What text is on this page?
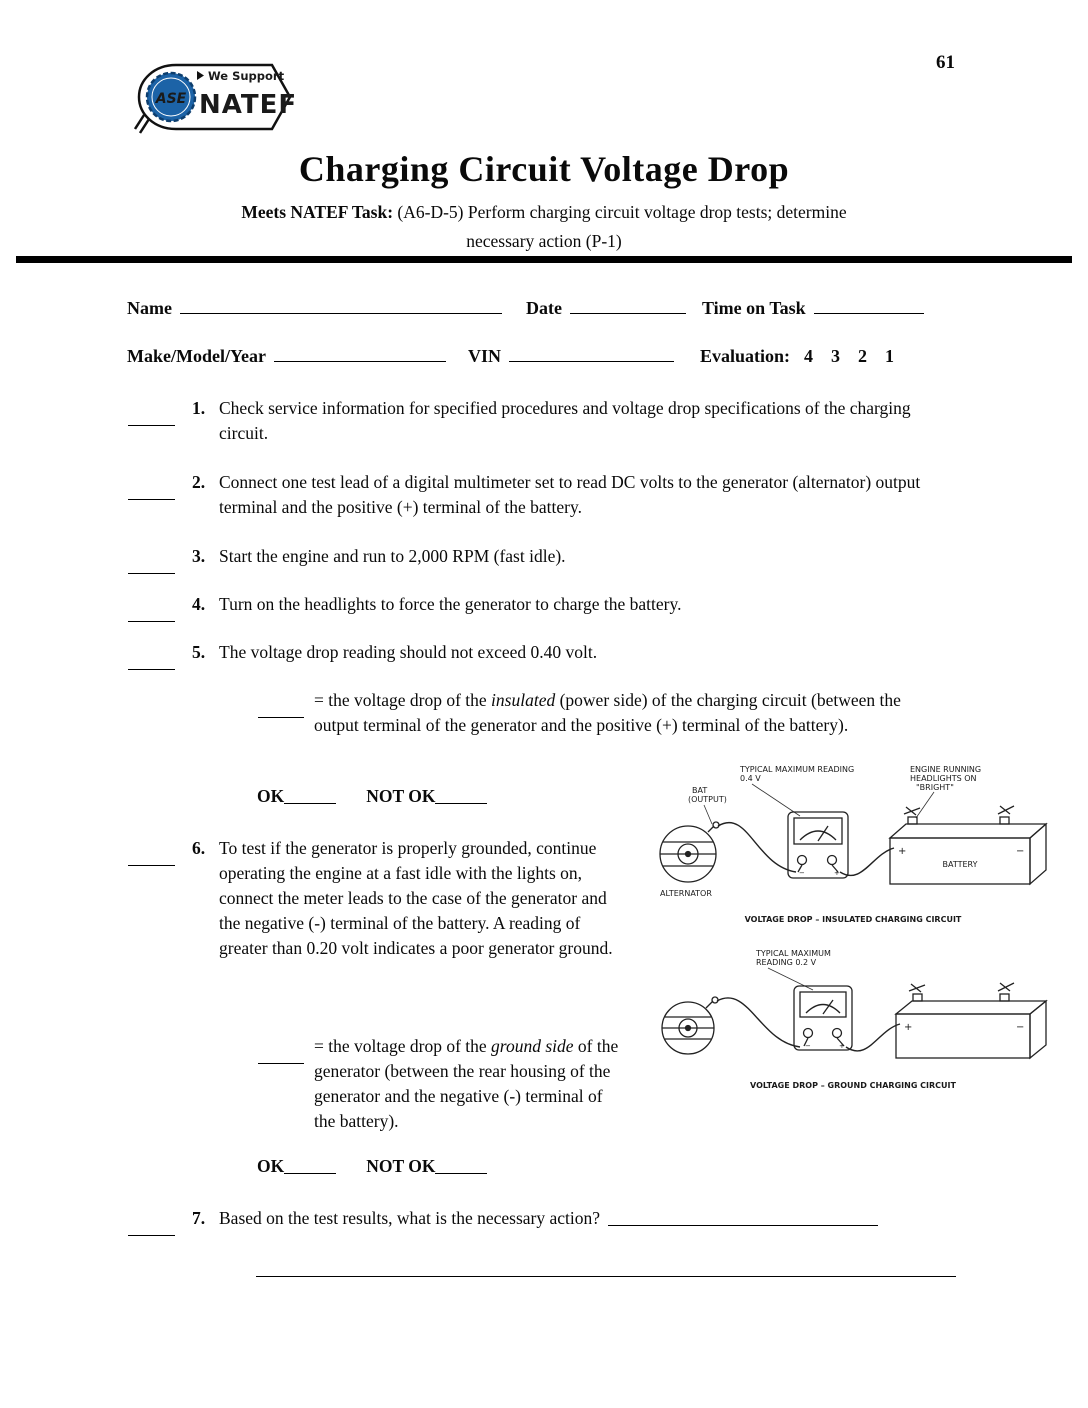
61
ASE
We Support
NATEF
Charging Circuit Voltage Drop
Meets NATEF Task: (A6-D-5) Perform charging circuit voltage drop tests; determine
necessary action (P-1)
Name	Date	Time on Task
Make/Model/Year	VIN	Evaluation: 4    3    2    1
1. Check service information for specified procedures and voltage drop specifications of the charging circuit.
2. Connect one test lead of a digital multimeter set to read DC volts to the generator (alternator) output terminal and the positive (+) terminal of the battery.
3. Start the engine and run to 2,000 RPM (fast idle).
4. Turn on the headlights to force the generator to charge the battery.
5. The voltage drop reading should not exceed 0.40 volt.
= the voltage drop of the insulated (power side) of the charging circuit (between the output terminal of the generator and the positive (+) terminal of the battery).
OK	NOT OK
6. To test if the generator is properly grounded, continue operating the engine at a fast idle with the lights on, connect the meter leads to the case of the generator and the negative (-) terminal of the battery. A reading of greater than 0.20 volt indicates a poor generator ground.
= the voltage drop of the ground side of the generator (between the rear housing of the generator and the negative (-) terminal of the battery).
OK	NOT OK
7. Based on the test results, what is the necessary action?
TYPICAL MAXIMUM READING
0.4 V
BAT
(OUTPUT)
ENGINE RUNNING
HEADLIGHTS ON
"BRIGHT"
ALTERNATOR
−	+
+	−
BATTERY
VOLTAGE DROP – INSULATED CHARGING CIRCUIT
TYPICAL MAXIMUM
READING 0.2 V
−	+
+	−
VOLTAGE DROP – GROUND CHARGING CIRCUIT
